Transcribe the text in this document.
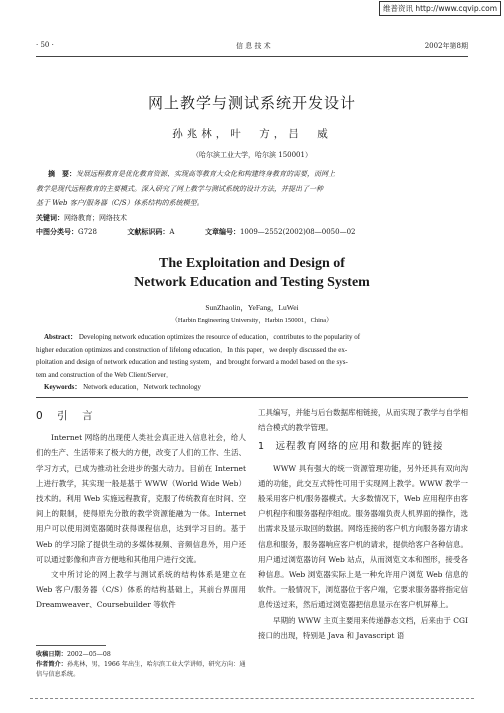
维普资讯 http://www.cqvip.com
· 50 ·	信 息 技 术	2002年第8期
网上教学与测试系统开发设计
孙兆林，叶　方，吕　威
（哈尔滨工业大学，哈尔滨 150001）
摘　要：发展远程教育是优化教育资源、实现高等教育大众化和构建终身教育的需要，而网上
教学是现代远程教育的主要模式。深入研究了网上教学与测试系统的设计方法，并提出了一种
基于 Web 客户/服务器（C/S）体系结构的系统模型。
关键词：网络教育；网络技术
中图分类号：G728	文献标识码：A	文章编号：1009—2552(2002)08—0050—02
The Exploitation and Design of
Network Education and Testing System
SunZhaolin，YeFang，LuWei
（Harbin Engineering University，Harbin 150001，China）
Abstract： Developing network education optimizes the resource of education，contributes to the popularity of
higher education optimizes and construction of lifelong education．In this paper，we deeply discussed the ex-
ploitation and design of network education and testing system，and brought forward a model based on the sys-
tem and construction of the Web Client/Server．
Keywords： Network education，Network technology
0　引　言

Internet 网络的出现使人类社会真正进入信息社会，给人们的生产、生活带来了极大的方便，改变了人们的工作、生活、学习方式，已成为推动社会进步的强大动力。目前在 Internet 上进行教学，其实现一般是基于 WWW（World Wide Web）技术的。利用 Web 实施远程教育，克服了传统教育在时间、空间上的限制，使得原先分散的教学资源能融为一体。Internet 用户可以使用浏览器随时获得课程信息，达到学习目的。基于 Web 的学习除了提供生动的多媒体视频、音频信息外，用户还可以通过影像和声音方便地和其他用户进行交流。

文中所讨论的网上教学与测试系统的结构体系是建立在 Web 客户/服务器（C/S）体系的结构基础上，其前台界面用 Dreamweaver、Coursebuilder 等软件

收稿日期：2002—05—08
作者简介：孙兆林，男，1966 年出生，哈尔滨工业大学讲师，研究方向：通信与信息系统。

工具编写，并能与后台数据库相链接，从而实现了教学与自学相结合模式的教学管理。

1　远程教育网络的应用和数据库的链接

WWW 具有强大的统一资源管理功能，另外还具有双向沟通的功能，此交互式特性可用于实现网上教学。WWW 教学一般采用客户机/服务器模式。大多数情况下，Web 应用程序由客户机程序和服务器程序组成。服务器端负责人机界面的操作，选出需求及显示取回的数据。网络连接的客户机方向服务器方请求信息和服务，服务器响应客户机的请求，提供给客户各种信息。用户通过浏览器访问 Web 站点，从而浏览文本和图形，接受各种信息。Web 浏览器实际上是一种允许用户浏览 Web 信息的软件。一般情况下，浏览器位于客户端，它要求服务器将指定信息传送过来，然后通过浏览器把信息显示在客户机屏幕上。

早期的 WWW 主页主要用来传递静态文档，后来由于 CGI 接口的出现，特别是 Java 和 Javascript 语
